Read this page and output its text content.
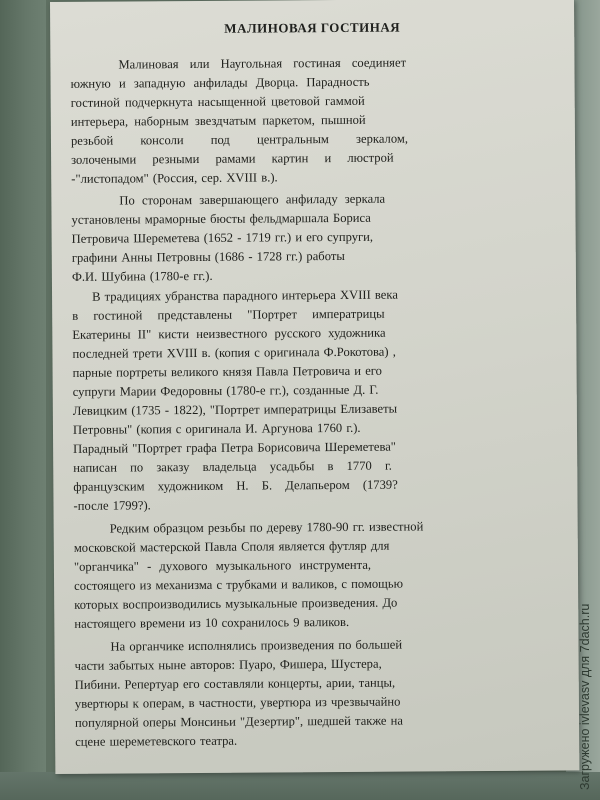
МАЛИНОВАЯ ГОСТИНАЯ
Малиновая или Наугольная гостиная соединяет
южную и западную анфилады Дворца. Парадность
гостиной подчеркнута насыщенной цветовой гаммой
интерьера, наборным звездчатым паркетом, пышной
резьбой консоли под центральным зеркалом,
золочеными резными рамами картин и люстрой
-"листопадом" (Россия, сер. XVIII в.).
По сторонам завершающего анфиладу зеркала
установлены мраморные бюсты фельдмаршала Бориса
Петровича Шереметева (1652 - 1719 гг.) и его супруги,
графини Анны Петровны (1686 - 1728 гг.) работы
Ф.И. Шубина (1780-е гг.).
В традициях убранства парадного интерьера XVIII века
в гостиной представлены "Портрет императрицы
Екатерины II" кисти неизвестного русского художника
последней трети XVIII в. (копия с оригинала Ф.Рокотова) ,
парные портреты великого князя Павла Петровича и его
супруги Марии Федоровны (1780-е гг.), созданные Д. Г.
Левицким (1735 - 1822), "Портрет императрицы Елизаветы
Петровны" (копия с оригинала И. Аргунова 1760 г.).
Парадный "Портрет графа Петра Борисовича Шереметева"
написан по заказу владельца усадьбы в 1770 г.
французским художником Н. Б. Делапьером (1739?
-после 1799?).
Редким образцом резьбы по дереву 1780-90 гг. известной
московской мастерской Павла Споля является футляр для
"органчика" - духового музыкального инструмента,
состоящего из механизма с трубками и валиков, с помощью
которых воспроизводились музыкальные произведения. До
настоящего времени из 10 сохранилось 9 валиков.
На органчике исполнялись произведения по большей
части забытых ныне авторов: Пуаро, Фишера, Шустера,
Пибини. Репертуар его составляли концерты, арии, танцы,
увертюры к операм, в частности, увертюра из чрезвычайно
популярной оперы Монсиньи "Дезертир", шедшей также на
сцене шереметевского театра.	Загружено ivlevasv для 7dach.ru
